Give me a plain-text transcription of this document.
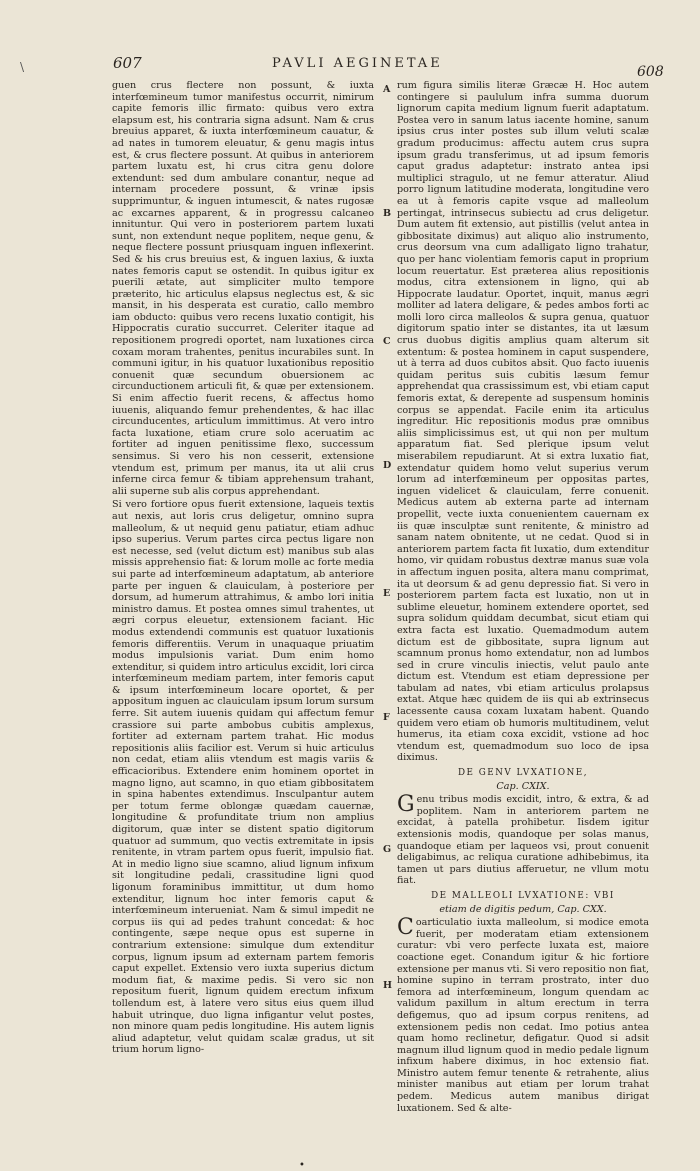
\	607	PAVLI AEGINETAE
608

guen crus flectere non possunt, & iuxta interfœmineum tumor manifestus occurrit, nimirum capite femoris illic firmato: quibus vero extra elapsum est, his contraria signa adsunt. Nam & crus breuius apparet, & iuxta interfœmineum cauatur, & ad nates in tumorem eleuatur, & genu magis intus est, & crus flectere possunt. At quibus in anteriorem partem luxatu est, hi crus citra genu dolore extendunt: sed dum ambulare conantur, neque ad internam procedere possunt, & vrinæ ipsis supprimuntur, & inguen intumescit, & nates rugosæ ac excarnes apparent, & in progressu calcaneo innituntur. Qui vero in posteriorem partem luxati sunt, non extendunt neque poplitem, neque genu, & neque flectere possunt priusquam inguen inflexerint. Sed & his crus breuius est, & inguen laxius, & iuxta nates femoris caput se ostendit. In quibus igitur ex puerili ætate, aut simpliciter multo tempore præterito, hic articulus elapsus neglectus est, & sic mansit, in his desperata est curatio, callo membro iam obducto: quibus vero recens luxatio contigit, his Hippocratis curatio succurret. Celeriter itaque ad repositionem progredi oportet, nam luxationes circa coxam moram trahentes, penitus incurabiles sunt. In communi igitur, in his quatuor luxationibus repositio conuenit quæ secundum obuersionem ac circunductionem articuli fit, & quæ per extensionem. Si enim affectio fuerit recens, & affectus homo iuuenis, aliquando femur prehendentes, & hac illac circunducentes, articulum immittimus. At vero intro facta luxatione, etiam crure solo aceruatim ac fortiter ad inguen penitissime flexo, successum sensimus. Si vero his non cesserit, extensione vtendum est, primum per manus, ita ut alii crus inferne circa femur & tibiam apprehensum trahant, alii superne sub alis corpus apprehendant.

Si vero fortiore opus fuerit extensione, laqueis textis aut nexis, aut loris crus deligetur, omnino supra malleolum, & ut nequid genu patiatur, etiam adhuc ipso superius. Verum partes circa pectus ligare non est necesse, sed (velut dictum est) manibus sub alas missis apprehensio fiat: & lorum molle ac forte media sui parte ad interfœmineum adaptatum, ab anteriore parte per inguen & clauiculam, à posteriore per dorsum, ad humerum attrahimus, & ambo lori initia ministro damus. Et postea omnes simul trahentes, ut ægri corpus eleuetur, extensionem faciant. Hic modus extendendi communis est quatuor luxationis femoris differentiis. Verum in unaquaque priuatim modus impulsionis variat. Dum enim homo extenditur, si quidem intro articulus excidit, lori circa interfœmineum mediam partem, inter femoris caput & ipsum interfœmineum locare oportet, & per appositum inguen ac clauiculam ipsum lorum sursum ferre. Sit autem iuuenis quidam qui affectum femur crassiore sui parte ambobus cubitis amplexus, fortiter ad externam partem trahat. Hic modus repositionis aliis facilior est. Verum si huic articulus non cedat, etiam aliis vtendum est magis variis & efficacioribus. Extendere enim hominem oportet in magno ligno, aut scamno, in quo etiam gibbositatem in spina habentes extendimus. Insculpantur autem per totum ferme oblongæ quædam cauernæ, longitudine & profunditate trium non amplius digitorum, quæ inter se distent spatio digitorum quatuor ad summum, quo vectis extremitate in ipsis renitente, in vtram partem opus fuerit, impulsio fiat. At in medio ligno siue scamno, aliud lignum infixum sit longitudine pedali, crassitudine ligni quod ligonum foraminibus immittitur, ut dum homo extenditur, lignum hoc inter femoris caput & interfœmineum interueniat. Nam & simul impedit ne corpus iis qui ad pedes trahunt concedat: & hoc contingente, sæpe neque opus est superne in contrarium extensione: simulque dum extenditur corpus, lignum ipsum ad externam partem femoris caput expellet. Extensio vero iuxta superius dictum modum fiat, & maxime pedis. Si vero sic non repositum fuerit, lignum quidem erectum infixum tollendum est, à latere vero situs eius quem illud habuit utrinque, duo ligna infigantur velut postes, non minore quam pedis longitudine. His autem lignis aliud adaptetur, velut quidam scalæ gradus, ut sit trium horum ligno-

A
B
C
D
E
F
G
H

rum figura similis literæ Græcæ H. Hoc autem contingere si paululum infra summa duorum lignorum capita medium lignum fuerit adaptatum. Postea vero in sanum latus iacente homine, sanum ipsius crus inter postes sub illum veluti scalæ gradum producimus: affectu autem crus supra ipsum gradu transferimus, ut ad ipsum femoris caput gradus adaptetur: instrato antea ipsi multiplici stragulo, ut ne femur atteratur. Aliud porro lignum latitudine moderata, longitudine vero ea ut à femoris capite vsque ad malleolum pertingat, intrinsecus subiectu ad crus deligetur. Dum autem fit extensio, aut pistillis (velut antea in gibbositate diximus) aut aliquo alio instrumento, crus deorsum vna cum adalligato ligno trahatur, quo per hanc violentiam femoris caput in proprium locum reuertatur. Est præterea alius repositionis modus, citra extensionem in ligno, qui ab Hippocrate laudatur. Oportet, inquit, manus ægri molliter ad latera deligare, & pedes ambos forti ac molli loro circa malleolos & supra genua, quatuor digitorum spatio inter se distantes, ita ut læsum crus duobus digitis amplius quam alterum sit extentum: & postea hominem in caput suspendere, ut à terra ad duos cubitos absit. Quo facto iuuenis quidam peritus suis cubitis læsum femur apprehendat qua crassissimum est, vbi etiam caput femoris extat, & derepente ad suspensum hominis corpus se appendat. Facile enim ita articulus ingreditur. Hic repositionis modus præ omnibus aliis simplicissimus est, ut qui non per multum apparatum fiat. Sed plerique ipsum velut miserabilem repudiarunt. At si extra luxatio fiat, extendatur quidem homo velut superius verum lorum ad interfœmineum per oppositas partes, inguen videlicet & clauiculam, ferre conuenit. Medicus autem ab externa parte ad internam propellit, vecte iuxta conuenientem cauernam ex iis quæ insculptæ sunt renitente, & ministro ad sanam natem obnitente, ut ne cedat. Quod si in anteriorem partem facta fit luxatio, dum extenditur homo, vir quidam robustus dextræ manus suæ vola in affectum inguen posita, altera manu comprimat, ita ut deorsum & ad genu depressio fiat. Si vero in posteriorem partem facta est luxatio, non ut in sublime eleuetur, hominem extendere oportet, sed supra solidum quiddam decumbat, sicut etiam qui extra facta est luxatio. Quemadmodum autem dictum est de gibbositate, supra lignum aut scamnum pronus homo extendatur, non ad lumbos sed in crure vinculis iniectis, velut paulo ante dictum est. Vtendum est etiam depressione per tabulam ad nates, vbi etiam articulus prolapsus extat. Atque hæc quidem de iis qui ab extrinsecus lacessente causa coxam luxatam habent. Quando quidem vero etiam ob humoris multitudinem, velut humerus, ita etiam coxa excidit, vstione ad hoc vtendum est, quemadmodum suo loco de ipsa diximus.

DE GENV LVXATIONE,
Cap. CXIX.

G enu tribus modis excidit, intro, & extra, & ad poplitem. Nam in anteriorem partem ne excidat, à patella prohibetur. Iisdem igitur extensionis modis, quandoque per solas manus, quandoque etiam per laqueos vsi, prout conuenit deligabimus, ac reliqua curatione adhibebimus, ita tamen ut pars diutius afferuetur, ne vllum motu fiat.

DE MALLEOLI LVXATIONE: VBI
etiam de digitis pedum, Cap. CXX.

C oarticulatio iuxta malleolum, si modice emota fuerit, per moderatam etiam extensionem curatur: vbi vero perfecte luxata est, maiore coactione eget. Conandum igitur & hic fortiore extensione per manus vti. Si vero repositio non fiat, homine supino in terram prostrato, inter duo femora ad interfœmineum, longum quendam ac validum paxillum in altum erectum in terra defigemus, quo ad ipsum corpus renitens, ad extensionem pedis non cedat. Imo potius antea quam homo reclinetur, defigatur. Quod si adsit magnum illud lignum quod in medio pedale lignum infixum habere diximus, in hoc extensio fiat. Ministro autem femur tenente & retrahente, alius minister manibus aut etiam per lorum trahat pedem. Medicus autem manibus dirigat luxationem. Sed & alte-

•
